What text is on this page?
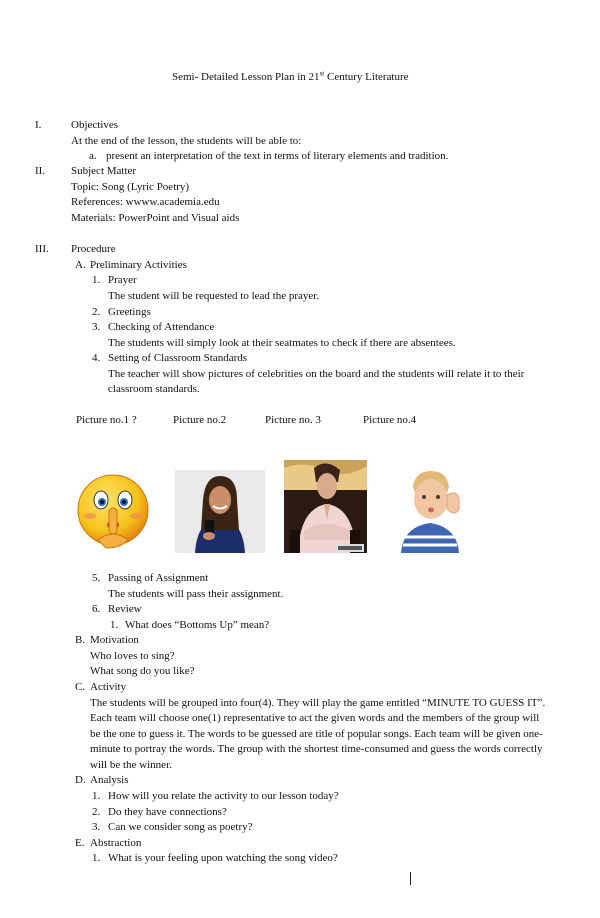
Semi- Detailed Lesson Plan in 21st Century Literature
I.	Objectives
At the end of the lesson, the students will be able to:
a. present an interpretation of the text in terms of literary elements and tradition.
II. Subject Matter
Topic: Song (Lyric Poetry)
References: wwww.academia.edu
Materials: PowerPoint and Visual aids
III. Procedure
A. Preliminary Activities
1. Prayer
The student will be requested to lead the prayer.
2. Greetings
3. Checking of Attendance
The students will simply look at their seatmates to check if there are absentees.
4. Setting of Classroom Standards
The teacher will show pictures of celebrities on the board and the students will relate it to their
classroom standards.
Picture no.1 ?	Picture no.2	Picture no. 3	Picture no.4
5. Passing of Assignment
The students will pass their assignment.
6. Review
1. What does “Bottoms Up” mean?
B. Motivation
Who loves to sing?
What song do you like?
C. Activity
The students will be grouped into four(4). They will play the game entitled “MINUTE TO GUESS IT”.
Each team will choose one(1) representative to act the given words and the members of the group will
be the one to guess it. The words to be guessed are title of popular songs. Each team will be given one-
minute to portray the words. The group with the shortest time-consumed and guess the words correctly
will be the winner.
D. Analysis
1. How will you relate the activity to our lesson today?
2. Do they have connections?
3. Can we consider song as poetry?
E. Abstraction
1. What is your feeling upon watching the song video?
